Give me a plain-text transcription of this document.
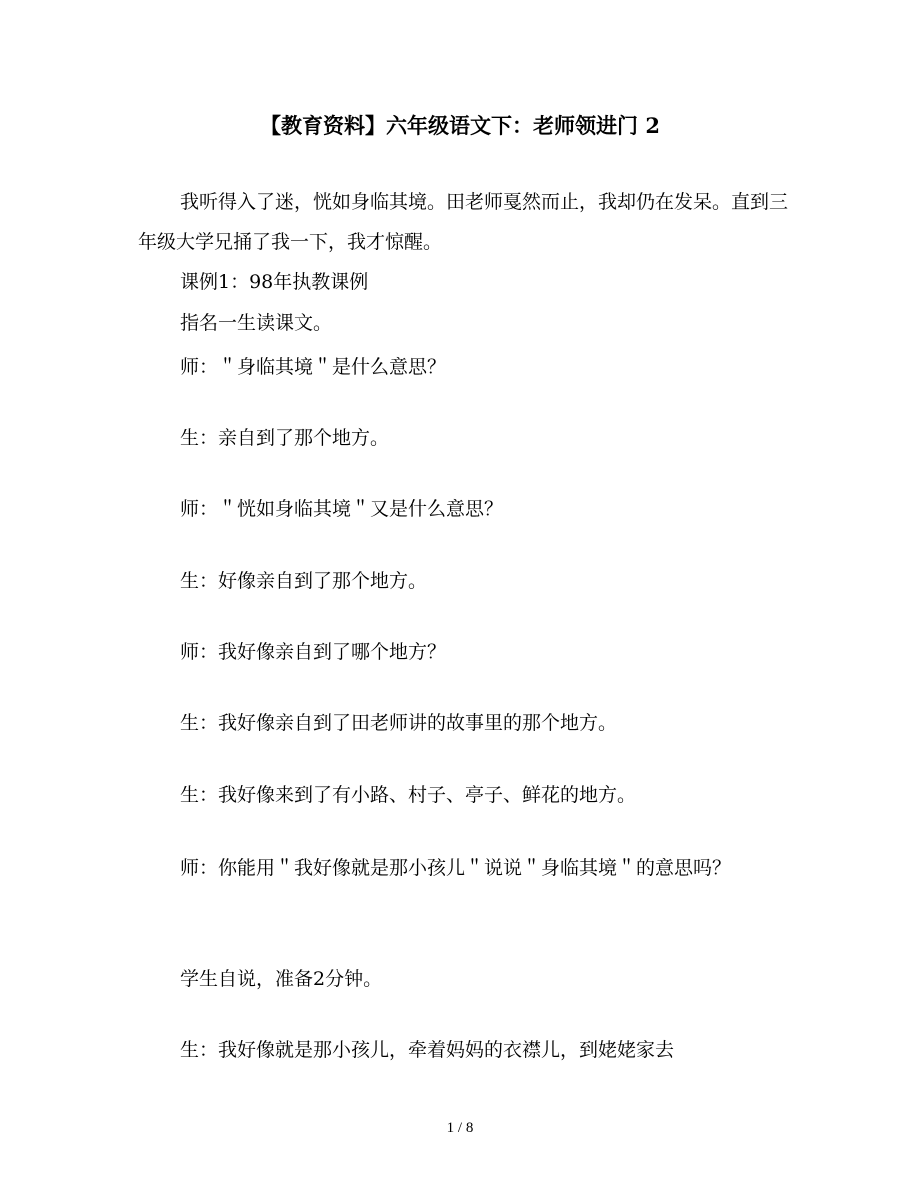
【教育资料】六年级语文下：老师领进门 2
我听得入了迷，恍如身临其境。田老师戛然而止，我却仍在发呆。直到三年级大学兄捅了我一下，我才惊醒。
课例1：98年执教课例
指名一生读课文。
师：＂身临其境＂是什么意思？
生：亲自到了那个地方。
师：＂恍如身临其境＂又是什么意思？
生：好像亲自到了那个地方。
师：我好像亲自到了哪个地方？
生：我好像亲自到了田老师讲的故事里的那个地方。
生：我好像来到了有小路、村子、亭子、鲜花的地方。
师：你能用＂我好像就是那小孩儿＂说说＂身临其境＂的意思吗？
学生自说，准备2分钟。
生：我好像就是那小孩儿，牵着妈妈的衣襟儿，到姥姥家去
1 / 8
